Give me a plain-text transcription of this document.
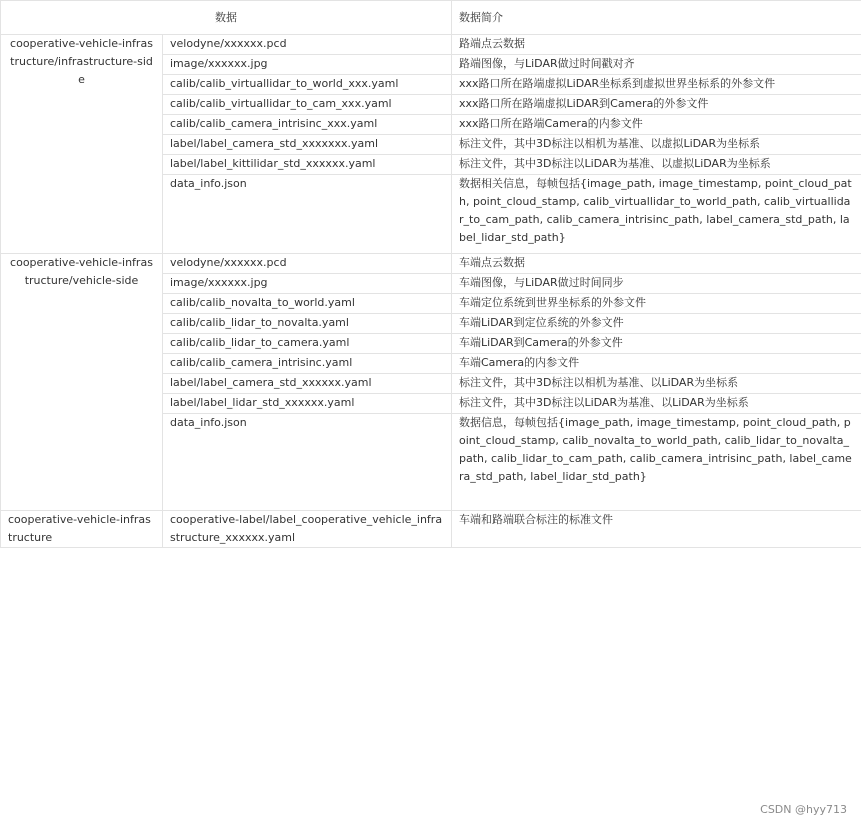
数据		数据简介
cooperative-vehicle-infrastructure/infrastructure-side	velodyne/xxxxxx.pcd	路端点云数据
	image/xxxxxx.jpg	路端图像，与LiDAR做过时间戳对齐
	calib/calib_virtuallidar_to_world_xxx.yaml	xxx路口所在路端虚拟LiDAR坐标系到虚拟世界坐标系的外参文件
	calib/calib_virtuallidar_to_cam_xxx.yaml	xxx路口所在路端虚拟LiDAR到Camera的外参文件
	calib/calib_camera_intrisinc_xxx.yaml	xxx路口所在路端Camera的内参文件
	label/label_camera_std_xxxxxxx.yaml	标注文件，其中3D标注以相机为基准、以虚拟LiDAR为坐标系
	label/label_kittilidar_std_xxxxxx.yaml	标注文件，其中3D标注以LiDAR为基准、以虚拟LiDAR为坐标系
	data_info.json	数据相关信息，每帧包括{image_path, image_timestamp, point_cloud_path, point_cloud_stamp, calib_virtuallidar_to_world_path, calib_virtuallidar_to_cam_path, calib_camera_intrisinc_path, label_camera_std_path, label_lidar_std_path}
cooperative-vehicle-infrastructure/vehicle-side	velodyne/xxxxxx.pcd	车端点云数据
	image/xxxxxx.jpg	车端图像，与LiDAR做过时间同步
	calib/calib_novalta_to_world.yaml	车端定位系统到世界坐标系的外参文件
	calib/calib_lidar_to_novalta.yaml	车端LiDAR到定位系统的外参文件
	calib/calib_lidar_to_camera.yaml	车端LiDAR到Camera的外参文件
	calib/calib_camera_intrisinc.yaml	车端Camera的内参文件
	label/label_camera_std_xxxxxx.yaml	标注文件，其中3D标注以相机为基准、以LiDAR为坐标系
	label/label_lidar_std_xxxxxx.yaml	标注文件，其中3D标注以LiDAR为基准、以LiDAR为坐标系
	data_info.json	数据信息，每帧包括{image_path, image_timestamp, point_cloud_path, point_cloud_stamp, calib_novalta_to_world_path, calib_lidar_to_novalta_path, calib_lidar_to_cam_path, calib_camera_intrisinc_path, label_camera_std_path, label_lidar_std_path}
cooperative-vehicle-infrastructure	cooperative-label/label_cooperative_vehicle_infrastructure_xxxxxx.yaml	车端和路端联合标注的标准文件
CSDN @hyy713
